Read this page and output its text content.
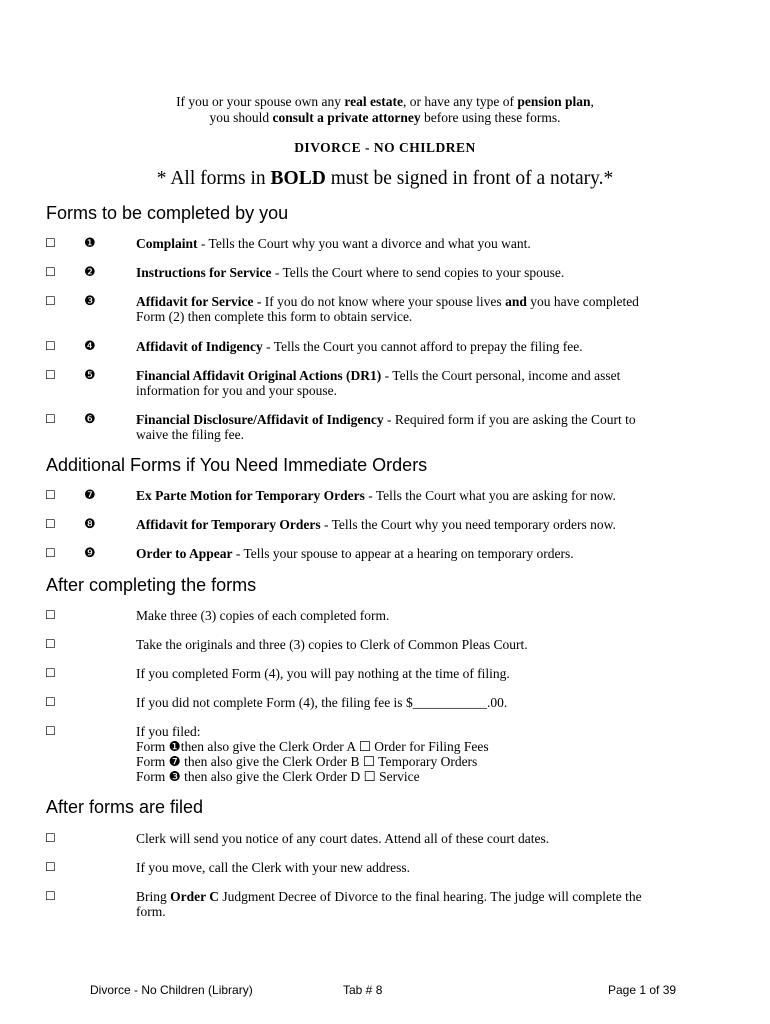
If you or your spouse own any real estate, or have any type of pension plan,
you should consult a private attorney before using these forms.
DIVORCE - NO CHILDREN
* All forms in BOLD must be signed in front of a notary.*
Forms to be completed by you
☐ ❶	Complaint - Tells the Court why you want a divorce and what you want.
☐ ❷	Instructions for Service - Tells the Court where to send copies to your spouse.
☐ ❸	Affidavit for Service - If you do not know where your spouse lives and you have completed
Form (2) then complete this form to obtain service.
☐ ❹	Affidavit of Indigency - Tells the Court you cannot afford to prepay the filing fee.
☐ ❺	Financial Affidavit Original Actions (DR1) - Tells the Court personal, income and asset
information for you and your spouse.
☐ ❻	Financial Disclosure/Affidavit of Indigency - Required form if you are asking the Court to
waive the filing fee.
Additional Forms if You Need Immediate Orders
☐ ❼	Ex Parte Motion for Temporary Orders - Tells the Court what you are asking for now.
☐ ❽	Affidavit for Temporary Orders - Tells the Court why you need temporary orders now.
☐ ❾	Order to Appear - Tells your spouse to appear at a hearing on temporary orders.
After completing the forms
☐	Make three (3) copies of each completed form.
☐	Take the originals and three (3) copies to Clerk of Common Pleas Court.
☐	If you completed Form (4), you will pay nothing at the time of filing.
☐	If you did not complete Form (4), the filing fee is $___________.00.
☐	If you filed:
Form ❶then also give the Clerk Order A ☐ Order for Filing Fees
Form ❼ then also give the Clerk Order B ☐ Temporary Orders
Form ❸ then also give the Clerk Order D ☐ Service
After forms are filed
☐	Clerk will send you notice of any court dates. Attend all of these court dates.
☐	If you move, call the Clerk with your new address.
☐	Bring Order C Judgment Decree of Divorce to the final hearing. The judge will complete the
form.
Divorce - No Children (Library)	Tab # 8	Page 1 of 39
